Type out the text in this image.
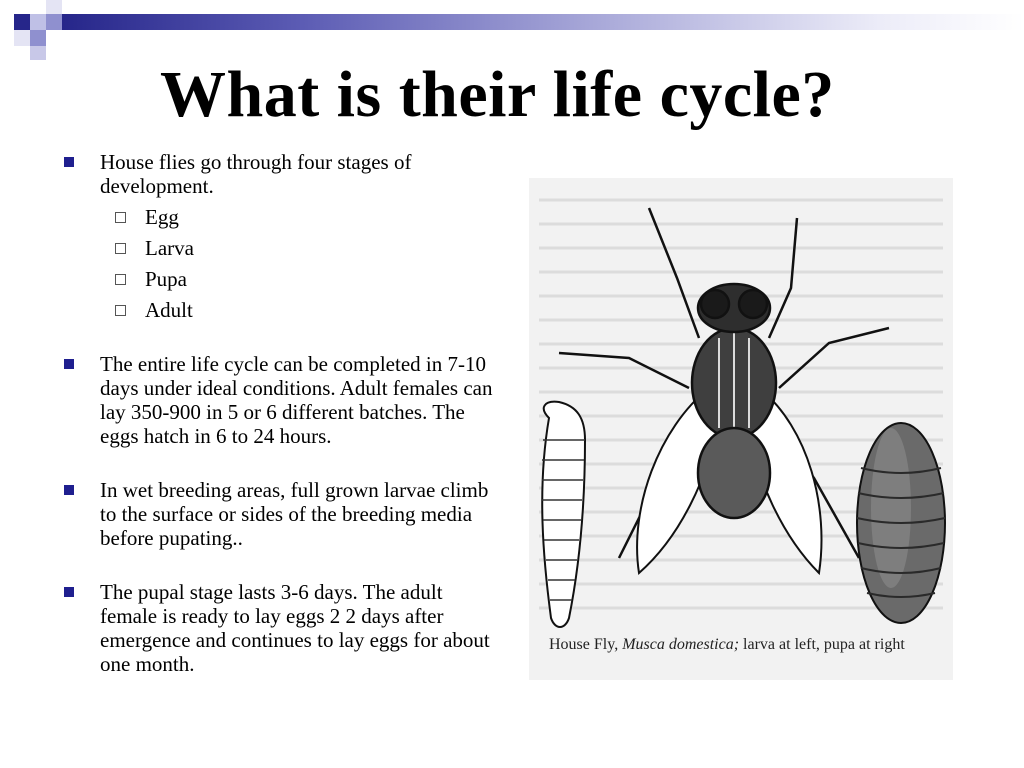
What is their life cycle?
House flies go through four stages of development.
Egg
Larva
Pupa
Adult
The entire life cycle can be completed in 7-10 days under ideal conditions. Adult females can lay 350-900 in 5 or 6 different batches. The eggs hatch in 6 to 24 hours.
In wet breeding areas, full grown larvae climb to the surface or sides of the breeding media before pupating..
The pupal stage lasts 3-6 days. The adult female is ready to lay eggs 2 2 days after emergence and continues to lay eggs for about one month.
House Fly, Musca domestica; larva at left, pupa at right
